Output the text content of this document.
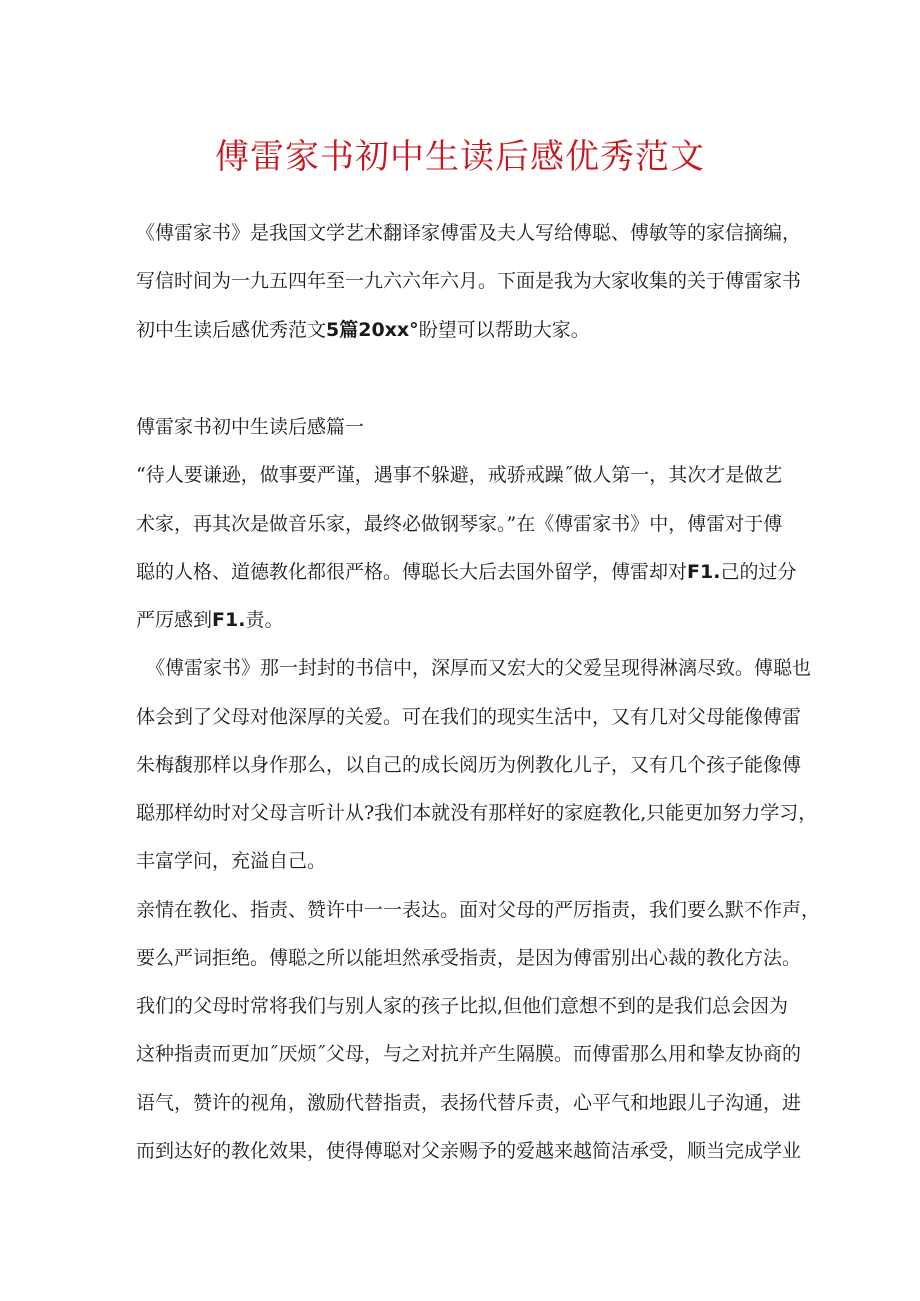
傅雷家书初中生读后感优秀范文

《傅雷家书》是我国文学艺术翻译家傅雷及夫人写给傅聪、傅敏等的家信摘编，

写信时间为一九五四年至一九六六年六月。下面是我为大家收集的关于傅雷家书

初中生读后感优秀范文5篇20xx°盼望可以帮助大家。

傅雷家书初中生读后感篇一

“待人要谦逊，做事要严谨，遇事不躲避，戒骄戒躁˝做人第一，其次才是做艺

术家，再其次是做音乐家，最终必做钢琴家。”在《傅雷家书》中，傅雷对于傅

聪的人格、道德教化都很严格。傅聪长大后去国外留学，傅雷却对F1.己的过分

严厉感到F1.责。

《傅雷家书》那一封封的书信中，深厚而又宏大的父爱呈现得淋漓尽致。傅聪也

体会到了父母对他深厚的关爱。可在我们的现实生活中，又有几对父母能像傅雷

朱梅馥那样以身作那么，以自己的成长阅历为例教化儿子，又有几个孩子能像傅

聪那样幼时对父母言听计从?我们本就没有那样好的家庭教化,只能更加努力学习，

丰富学问，充溢自己。

亲情在教化、指责、赞许中一一表达。面对父母的严厉指责，我们要么默不作声，

要么严词拒绝。傅聪之所以能坦然承受指责，是因为傅雷别出心裁的教化方法。

我们的父母时常将我们与别人家的孩子比拟,但他们意想不到的是我们总会因为

这种指责而更加˝厌烦˝父母，与之对抗并产生隔膜。而傅雷那么用和挚友协商的

语气，赞许的视角，激励代替指责，表扬代替斥责，心平气和地跟儿子沟通，进

而到达好的教化效果，使得傅聪对父亲赐予的爱越来越简洁承受，顺当完成学业
